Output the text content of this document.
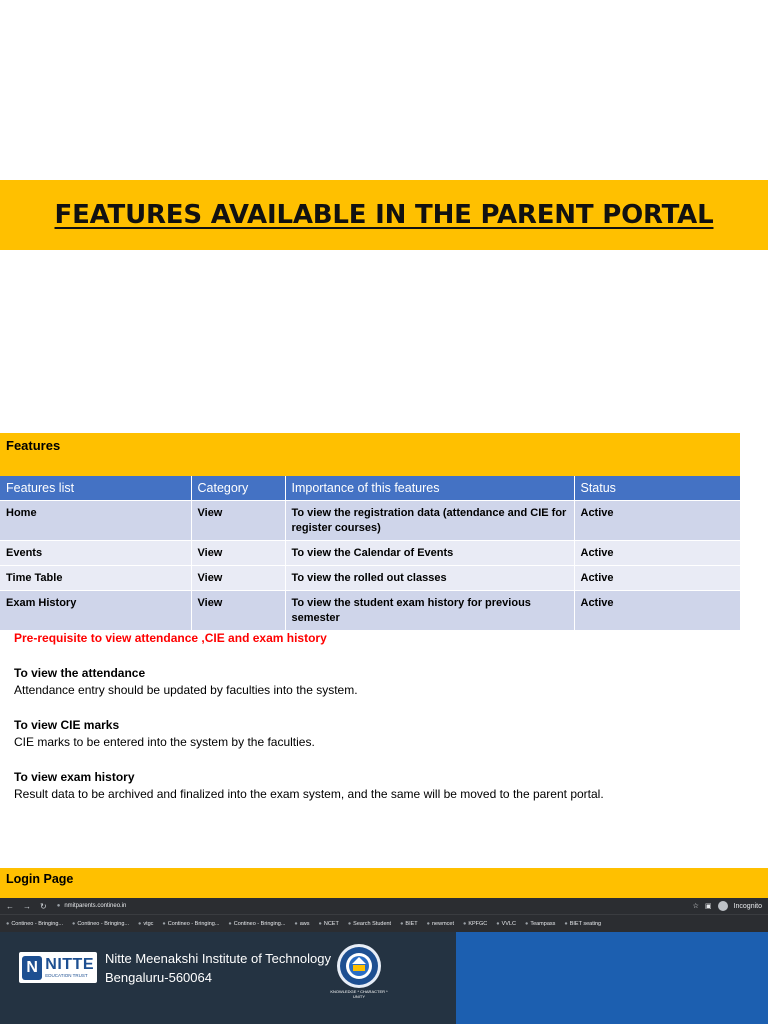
FEATURES AVAILABLE IN THE PARENT PORTAL
Features
Features list	Category	Importance of this features	Status
Home	View	To view the registration data (attendance and CIE for register courses)	Active
Events	View	To view the Calendar of Events	Active
Time Table	View	To view the rolled out classes	Active
Exam History	View	To view the student exam history for previous semester	Active
Pre-requisite to view attendance ,CIE and exam history
To view the attendance
Attendance entry should be updated by faculties into the system.
To view CIE marks
CIE marks to be entered into the system by the faculties.
To view exam history
Result data to be archived and finalized into the exam system, and the same will be moved to the parent portal.
Login Page
← → ↻ ● nmitparents.contineo.in	☆ ▣	Incognito
● Contineo - Bringing...	● Contineo - Bringing...	● vtgc	● Contineo - Bringing...	● Contineo - Bringing...	● aws	● NCET	● Search Student	● BIET	● newmcet	● KPFGC	● VVLC	● Teampass	● BIET seating
N NITTE
EDUCATION TRUST
Nitte Meenakshi Institute of Technology
Bengaluru-560064
KNOWLEDGE * CHARACTER * UNITY
